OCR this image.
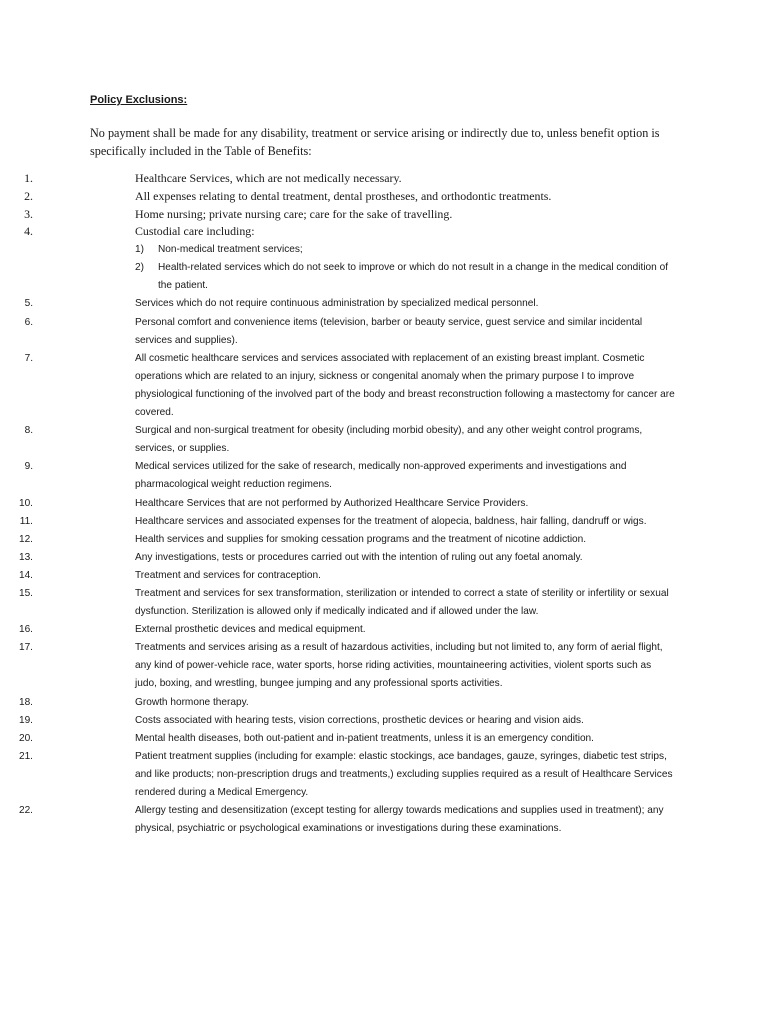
Policy Exclusions:
No payment shall be made for any disability, treatment or service arising or indirectly due to, unless benefit option is specifically included in the Table of Benefits:
1.	Healthcare Services, which are not medically necessary.
2.	All expenses relating to dental treatment, dental prostheses, and orthodontic treatments.
3.	Home nursing; private nursing care; care for the sake of travelling.
4.	Custodial care including:
1) Non-medical treatment services;
2) Health-related services which do not seek to improve or which do not result in a change in the medical condition of the patient.
5.	Services which do not require continuous administration by specialized medical personnel.
6.	Personal comfort and convenience items (television, barber or beauty service, guest service and similar incidental services and supplies).
7.	All cosmetic healthcare services and services associated with replacement of an existing breast implant. Cosmetic operations which are related to an injury, sickness or congenital anomaly when the primary purpose I to improve physiological functioning of the involved part of the body and breast reconstruction following a mastectomy for cancer are covered.
8.	Surgical and non-surgical treatment for obesity (including morbid obesity), and any other weight control programs, services, or supplies.
9.	Medical services utilized for the sake of research, medically non-approved experiments and investigations and pharmacological weight reduction regimens.
10.	Healthcare Services that are not performed by Authorized Healthcare Service Providers.
11.	Healthcare services and associated expenses for the treatment of alopecia, baldness, hair falling, dandruff or wigs.
12.	Health services and supplies for smoking cessation programs and the treatment of nicotine addiction.
13.	Any investigations, tests or procedures carried out with the intention of ruling out any foetal anomaly.
14.	Treatment and services for contraception.
15.	Treatment and services for sex transformation, sterilization or intended to correct a state of sterility or infertility or sexual dysfunction. Sterilization is allowed only if medically indicated and if allowed under the law.
16.	External prosthetic devices and medical equipment.
17.	Treatments and services arising as a result of hazardous activities, including but not limited to, any form of aerial flight, any kind of power-vehicle race, water sports, horse riding activities, mountaineering activities, violent sports such as judo, boxing, and wrestling, bungee jumping and any professional sports activities.
18.	Growth hormone therapy.
19.	Costs associated with hearing tests, vision corrections, prosthetic devices or hearing and vision aids.
20.	Mental health diseases, both out-patient and in-patient treatments, unless it is an emergency condition.
21.	Patient treatment supplies (including for example: elastic stockings, ace bandages, gauze, syringes, diabetic test strips, and like products; non-prescription drugs and treatments,) excluding supplies required as a result of Healthcare Services rendered during a Medical Emergency.
22.	Allergy testing and desensitization (except testing for allergy towards medications and supplies used in treatment); any physical, psychiatric or psychological examinations or investigations during these examinations.
